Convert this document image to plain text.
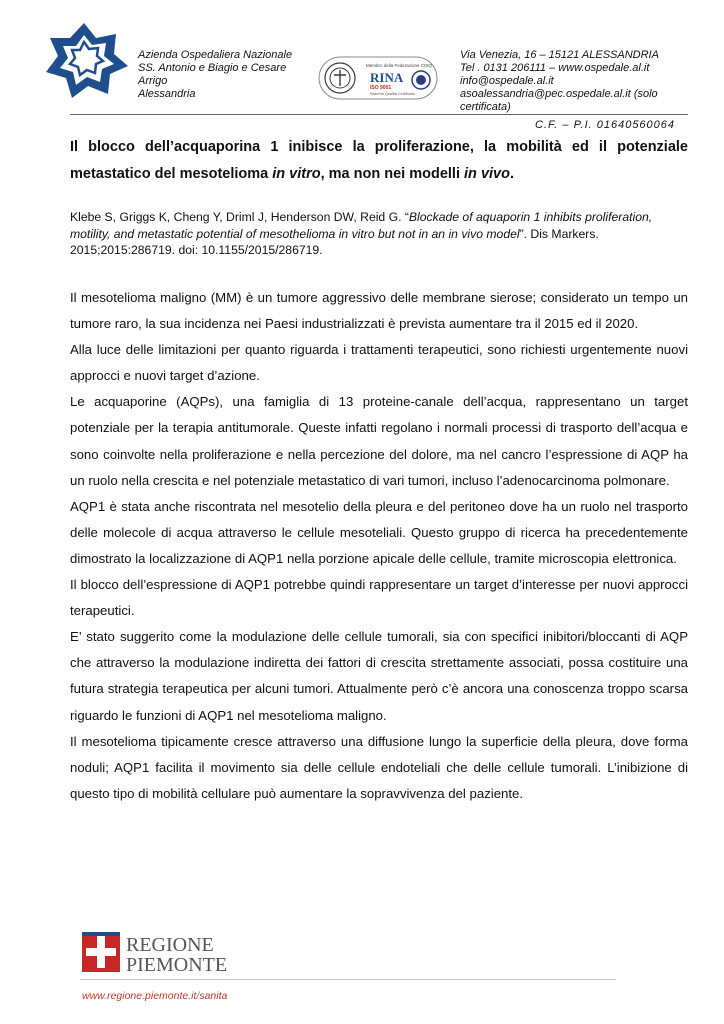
Azienda Ospedaliera Nazionale
SS. Antonio e Biagio e Cesare Arrigo
Alessandria
Membro della Federazione CISQ
RINA
ISO 9001
Sistema Qualità Certificato
Via Venezia, 16 – 15121 ALESSANDRIA
Tel . 0131 206111 – www.ospedale.al.it
info@ospedale.al.it
asoalessandria@pec.ospedale.al.it (solo certificata)
C.F. – P.I. 01640560064
Il blocco dell’acquaporina 1 inibisce la proliferazione, la mobilità ed il potenziale metastatico del mesotelioma in vitro, ma non nei modelli in vivo.
Klebe S, Griggs K, Cheng Y, Driml J, Henderson DW, Reid G. “Blockade of aquaporin 1 inhibits proliferation, motility, and metastatic potential of mesothelioma in vitro but not in an in vivo model”. Dis Markers. 2015;2015:286719. doi: 10.1155/2015/286719.

Il mesotelioma maligno (MM) è un tumore aggressivo delle membrane sierose; considerato un tempo un tumore raro, la sua incidenza nei Paesi industrializzati è prevista aumentare tra il 2015 ed il 2020.

Alla luce delle limitazioni per quanto riguarda i trattamenti terapeutici, sono richiesti urgentemente nuovi approcci e nuovi target d’azione.

Le acquaporine (AQPs), una famiglia di 13 proteine-canale dell’acqua, rappresentano un target potenziale per la terapia antitumorale. Queste infatti regolano i normali processi di trasporto dell’acqua e sono coinvolte nella proliferazione e nella percezione del dolore, ma nel cancro l’espressione di AQP ha un ruolo nella crescita e nel potenziale metastatico di vari tumori, incluso l’adenocarcinoma polmonare.

AQP1 è stata anche riscontrata nel mesotelio della pleura e del peritoneo dove ha un ruolo nel trasporto delle molecole di acqua attraverso le cellule mesoteliali. Questo gruppo di ricerca ha precedentemente dimostrato la localizzazione di AQP1 nella porzione apicale delle cellule, tramite microscopia elettronica.

Il blocco dell’espressione di AQP1 potrebbe quindi rappresentare un target d’interesse per nuovi approcci terapeutici.

E’ stato suggerito come la modulazione delle cellule tumorali, sia con specifici inibitori/bloccanti di AQP che attraverso la modulazione indiretta dei fattori di crescita strettamente associati, possa costituire una futura strategia terapeutica per alcuni tumori. Attualmente però c’è ancora una conoscenza troppo scarsa riguardo le funzioni di AQP1 nel mesotelioma maligno.

Il mesotelioma tipicamente cresce attraverso una diffusione lungo la superficie della pleura, dove forma noduli; AQP1 facilita il movimento sia delle cellule endoteliali che delle cellule tumorali. L’inibizione di questo tipo di mobilità cellulare può aumentare la sopravvivenza del paziente.

REGIONE
PIEMONTE
www.regione.piemonte.it/sanita
